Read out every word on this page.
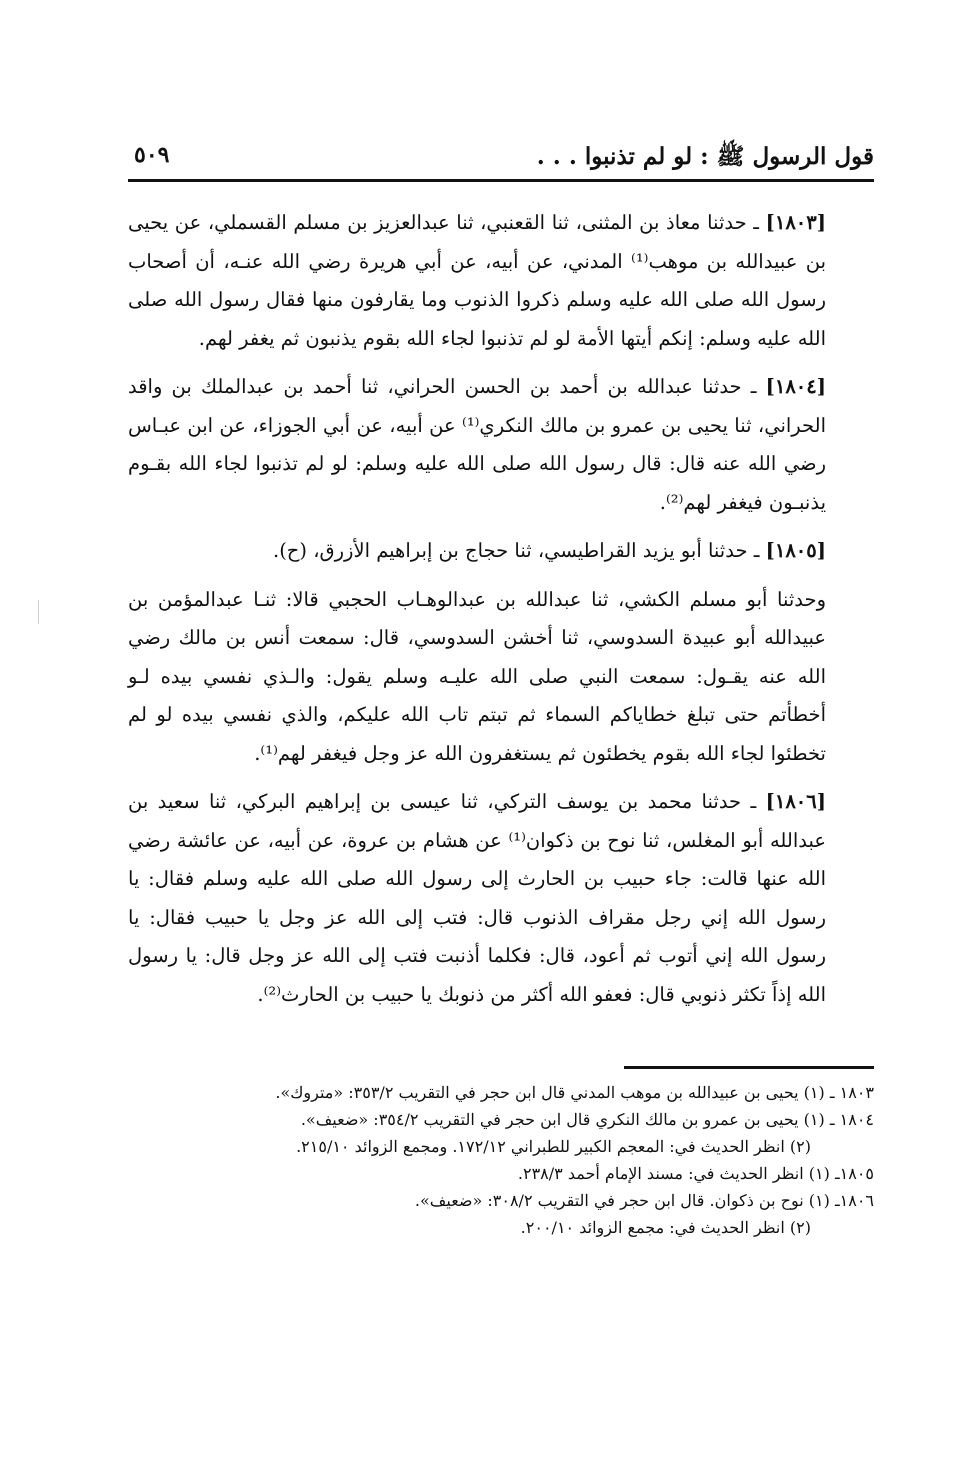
قول الرسول ﷺ : لو لم تذنبوا . . .
٥٠٩

[١٨٠٣] ـ حدثنا معاذ بن المثنى، ثنا القعنبي، ثنا عبدالعزيز بن مسلم القسملي، عن يحيى بن عبيدالله بن موهب⁽¹⁾ المدني، عن أبيه، عن أبي هريرة رضي الله عنـه، أن أصحاب رسول الله صلى الله عليه وسلم ذكروا الذنوب وما يقارفون منها فقال رسول الله صلى الله عليه وسلم: إنكم أيتها الأمة لو لم تذنبوا لجاء الله بقوم يذنبون ثم يغفر لهم.

[١٨٠٤] ـ حدثنا عبدالله بن أحمد بن الحسن الحراني، ثنا أحمد بن عبدالملك بن واقد الحراني، ثنا يحيى بن عمرو بن مالك النكري⁽¹⁾ عن أبيه، عن أبي الجوزاء، عن ابن عبـاس رضي الله عنه قال: قال رسول الله صلى الله عليه وسلم: لو لم تذنبوا لجاء الله بقـوم يذنبـون فيغفر لهم⁽²⁾.

[١٨٠٥] ـ حدثنا أبو يزيد القراطيسي، ثنا حجاج بن إبراهيم الأزرق، (ح).

وحدثنا أبو مسلم الكشي، ثنا عبدالله بن عبدالوهـاب الحجبي قالا: ثنـا عبدالمؤمن بن عبيدالله أبو عبيدة السدوسي، ثنا أخشن السدوسي، قال: سمعت أنس بن مالك رضي الله عنه يقـول: سمعت النبي صلى الله عليـه وسلم يقول: والـذي نفسي بيده لـو أخطأتم حتى تبلغ خطاياكم السماء ثم تبتم تاب الله عليكم، والذي نفسي بيده لو لم تخطئوا لجاء الله بقوم يخطئون ثم يستغفرون الله عز وجل فيغفر لهم⁽¹⁾.

[١٨٠٦] ـ حدثنا محمد بن يوسف التركي، ثنا عيسى بن إبراهيم البركي، ثنا سعيد بن عبدالله أبو المغلس، ثنا نوح بن ذكوان⁽¹⁾ عن هشام بن عروة، عن أبيه، عن عائشة رضي الله عنها قالت: جاء حبيب بن الحارث إلى رسول الله صلى الله عليه وسلم فقال: يا رسول الله إني رجل مقراف الذنوب قال: فتب إلى الله عز وجل يا حبيب فقال: يا رسول الله إني أتوب ثم أعود، قال: فكلما أذنبت فتب إلى الله عز وجل قال: يا رسول الله إذاً تكثر ذنوبي قال: فعفو الله أكثر من ذنوبك يا حبيب بن الحارث⁽²⁾.

١٨٠٣ ـ (١) يحيى بن عبيدالله بن موهب المدني قال ابن حجر في التقريب ٣٥٣/٢: «متروك».
١٨٠٤ ـ (١) يحيى بن عمرو بن مالك النكري قال ابن حجر في التقريب ٣٥٤/٢: «ضعيف».
(٢) انظر الحديث في: المعجم الكبير للطبراني ١٧٢/١٢. ومجمع الزوائد ٢١٥/١٠.
١٨٠٥ـ (١) انظر الحديث في: مسند الإمام أحمد ٢٣٨/٣.
١٨٠٦ـ (١) نوح بن ذكوان. قال ابن حجر في التقريب ٣٠٨/٢: «ضعيف».
(٢) انظر الحديث في: مجمع الزوائد ٢٠٠/١٠.
